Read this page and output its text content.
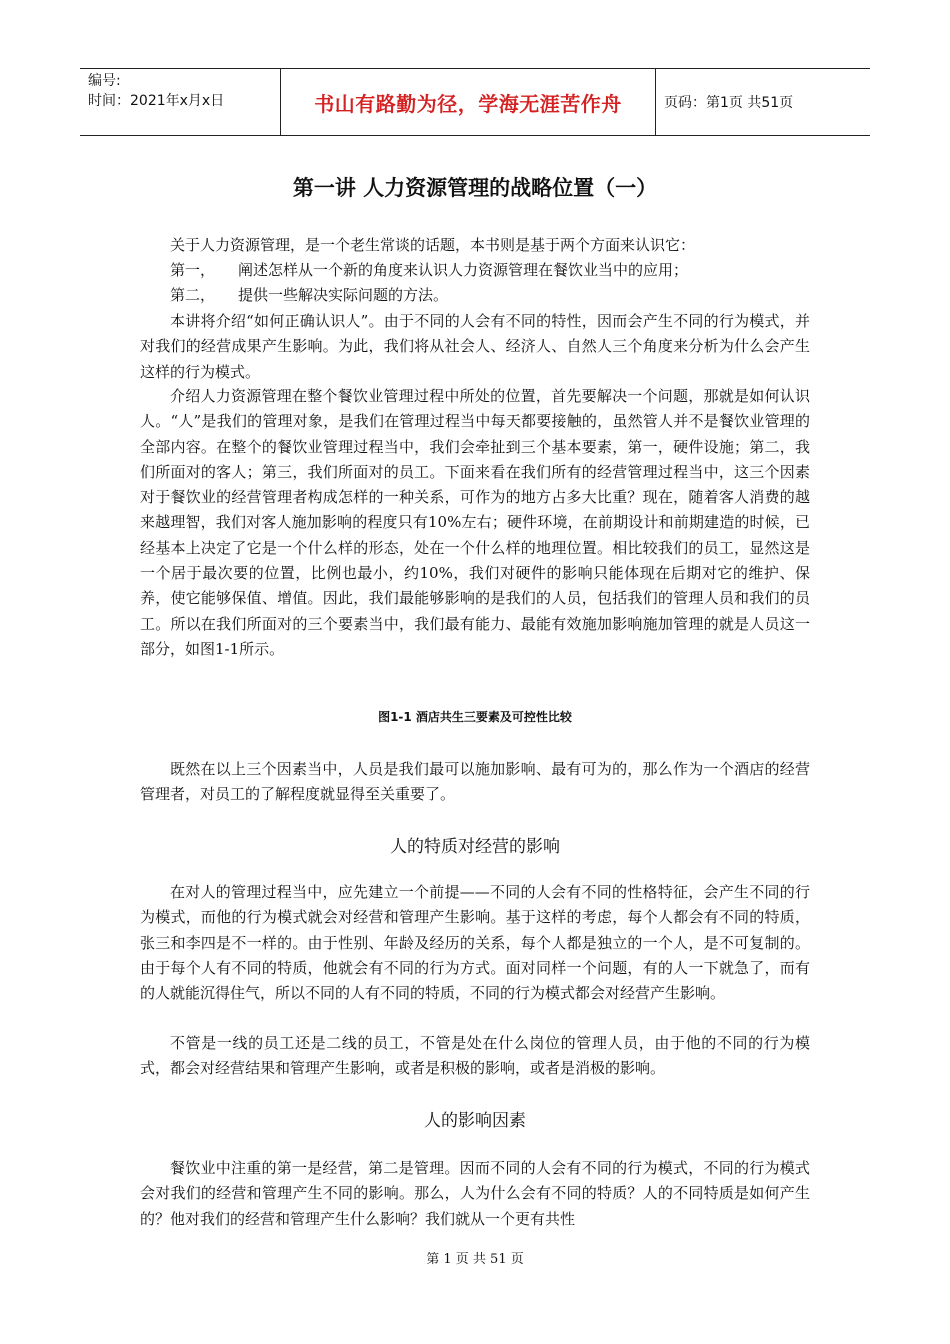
编号:
时间：2021年x月x日	书山有路勤为径，学海无涯苦作舟	页码：第1页 共51页
第一讲 人力资源管理的战略位置（一）

关于人力资源管理，是一个老生常谈的话题，本书则是基于两个方面来认识它：

第一， 阐述怎样从一个新的角度来认识人力资源管理在餐饮业当中的应用；
第二， 提供一些解决实际问题的方法。

本讲将介绍“如何正确认识人”。由于不同的人会有不同的特性，因而会产生不同的行为模式，并对我们的经营成果产生影响。为此，我们将从社会人、经济人、自然人三个角度来分析为什么会产生这样的行为模式。

介绍人力资源管理在整个餐饮业管理过程中所处的位置，首先要解决一个问题，那就是如何认识人。“人”是我们的管理对象，是我们在管理过程当中每天都要接触的，虽然管人并不是餐饮业管理的全部内容。在整个的餐饮业管理过程当中，我们会牵扯到三个基本要素，第一，硬件设施；第二，我们所面对的客人；第三，我们所面对的员工。下面来看在我们所有的经营管理过程当中，这三个因素对于餐饮业的经营管理者构成怎样的一种关系，可作为的地方占多大比重？现在，随着客人消费的越来越理智，我们对客人施加影响的程度只有10%左右；硬件环境，在前期设计和前期建造的时候，已经基本上决定了它是一个什么样的形态，处在一个什么样的地理位置。相比较我们的员工，显然这是一个居于最次要的位置，比例也最小，约10%，我们对硬件的影响只能体现在后期对它的维护、保养，使它能够保值、增值。因此，我们最能够影响的是我们的人员，包括我们的管理人员和我们的员工。所以在我们所面对的三个要素当中，我们最有能力、最能有效施加影响施加管理的就是人员这一部分，如图1-1所示。

图1-1 酒店共生三要素及可控性比较

既然在以上三个因素当中，人员是我们最可以施加影响、最有可为的，那么作为一个酒店的经营管理者，对员工的了解程度就显得至关重要了。

人的特质对经营的影响

在对人的管理过程当中，应先建立一个前提——不同的人会有不同的性格特征，会产生不同的行为模式，而他的行为模式就会对经营和管理产生影响。基于这样的考虑，每个人都会有不同的特质，张三和李四是不一样的。由于性别、年龄及经历的关系，每个人都是独立的一个人，是不可复制的。由于每个人有不同的特质，他就会有不同的行为方式。面对同样一个问题，有的人一下就急了，而有的人就能沉得住气，所以不同的人有不同的特质，不同的行为模式都会对经营产生影响。

不管是一线的员工还是二线的员工，不管是处在什么岗位的管理人员，由于他的不同的行为模式，都会对经营结果和管理产生影响，或者是积极的影响，或者是消极的影响。

人的影响因素

餐饮业中注重的第一是经营，第二是管理。因而不同的人会有不同的行为模式，不同的行为模式会对我们的经营和管理产生不同的影响。那么，人为什么会有不同的特质？人的不同特质是如何产生的？他对我们的经营和管理产生什么影响？我们就从一个更有共性

第 1 页 共 51 页
